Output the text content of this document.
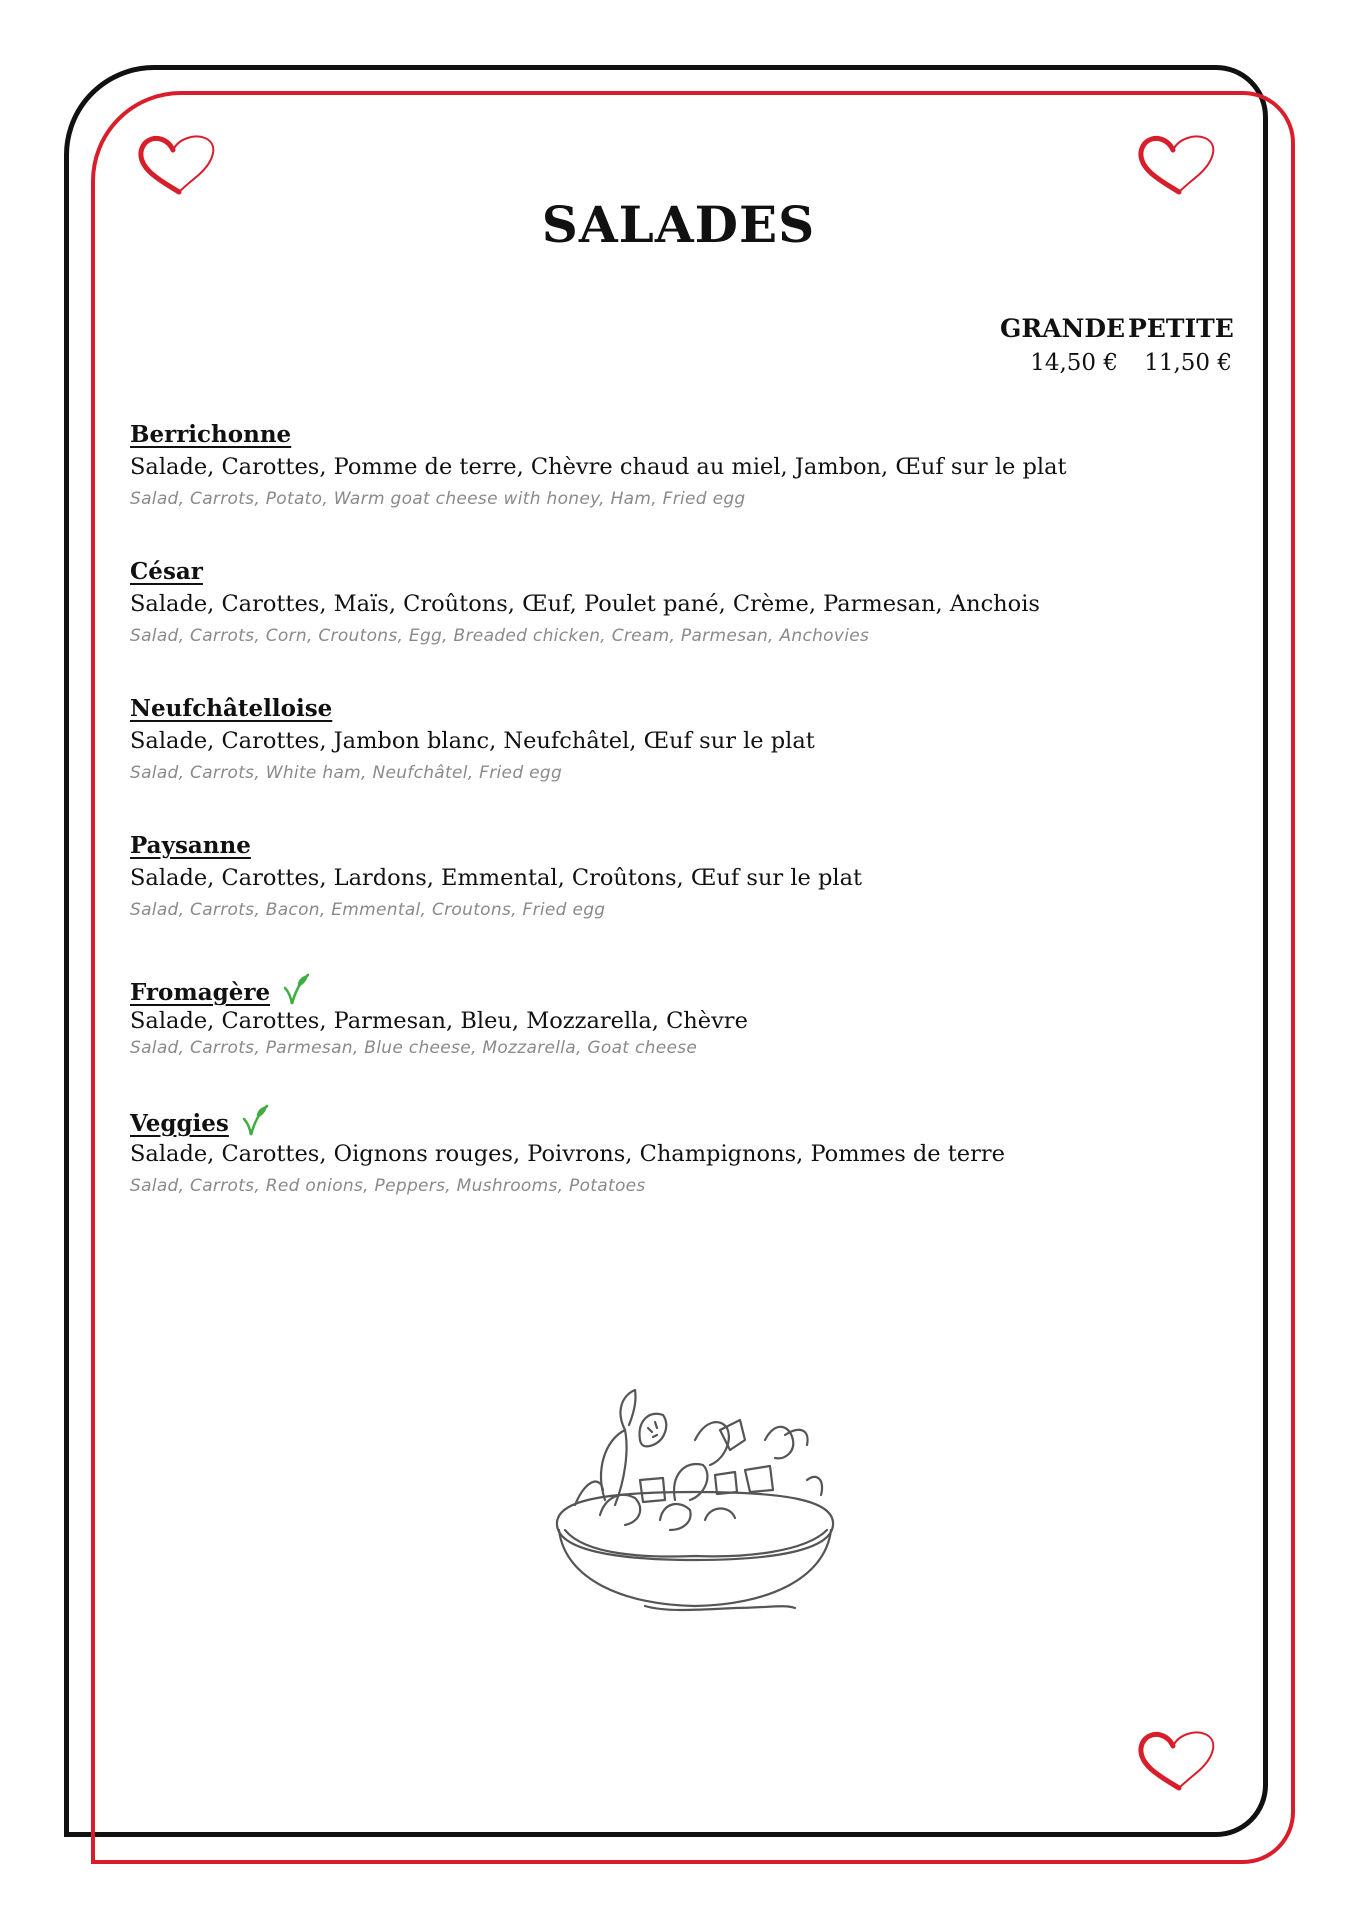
SALADES
GRANDE PETITE
14,50 €	11,50 €
Berrichonne
Salade, Carottes, Pomme de terre, Chèvre chaud au miel, Jambon, Œuf sur le plat
Salad, Carrots, Potato, Warm goat cheese with honey, Ham, Fried egg
César
Salade, Carottes, Maïs, Croûtons, Œuf, Poulet pané, Crème, Parmesan, Anchois
Salad, Carrots, Corn, Croutons, Egg, Breaded chicken, Cream, Parmesan, Anchovies
Neufchâtelloise
Salade, Carottes, Jambon blanc, Neufchâtel, Œuf sur le plat
Salad, Carrots, White ham, Neufchâtel, Fried egg
Paysanne
Salade, Carottes, Lardons, Emmental, Croûtons, Œuf sur le plat
Salad, Carrots, Bacon, Emmental, Croutons, Fried egg
Fromagère
Salade, Carottes, Parmesan, Bleu, Mozzarella, Chèvre
Salad, Carrots, Parmesan, Blue cheese, Mozzarella, Goat cheese
Veggies
Salade, Carottes, Oignons rouges, Poivrons, Champignons, Pommes de terre
Salad, Carrots, Red onions, Peppers, Mushrooms, Potatoes
